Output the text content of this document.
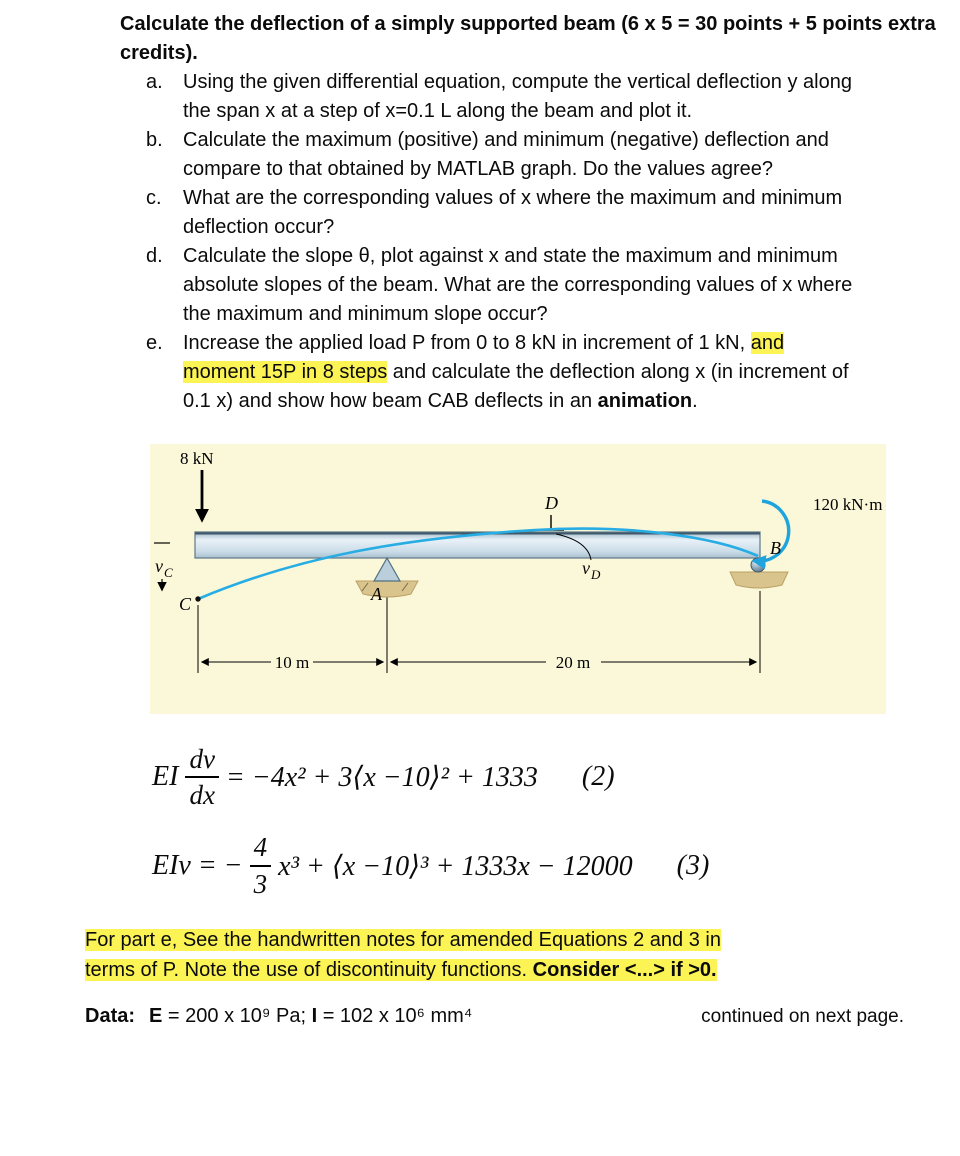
Calculate the deflection of a simply supported beam (6 x 5 = 30 points + 5 points extra credits).
a.	Using the given differential equation, compute the vertical deflection y along the span x at a step of x=0.1 L along the beam and plot it.

b.	Calculate the maximum (positive) and minimum (negative) deflection and compare to that obtained by MATLAB graph. Do the values agree?

c.	What are the corresponding values of x where the maximum and minimum deflection occur?

d.	Calculate the slope θ, plot against x and state the maximum and minimum absolute slopes of the beam. What are the corresponding values of x where the maximum and minimum slope occur?

e.	Increase the applied load P from 0 to 8 kN in increment of 1 kN, and moment 15P in 8 steps and calculate the deflection along x (in increment of 0.1 x) and show how beam CAB deflects in an animation.

10 m	20 m
8 kN
120 kN·m
D
B
A
C
v C	v D
EI $\frac{dv}{dx} = -4x^2$ + 3⟨x −10⟩² + 1333 (2)
EIv = − $\frac{4}{3} x^3$ + ⟨x −10⟩³ + 1333x − 12000 (3)

For part e, See the handwritten notes for amended Equations 2 and 3 in
terms of P. Note the use of discontinuity functions. Consider <...> if >0.

Data: E = 200 x 10⁹ Pa; I = 102 x 10⁶ mm⁴	continued on next page.
